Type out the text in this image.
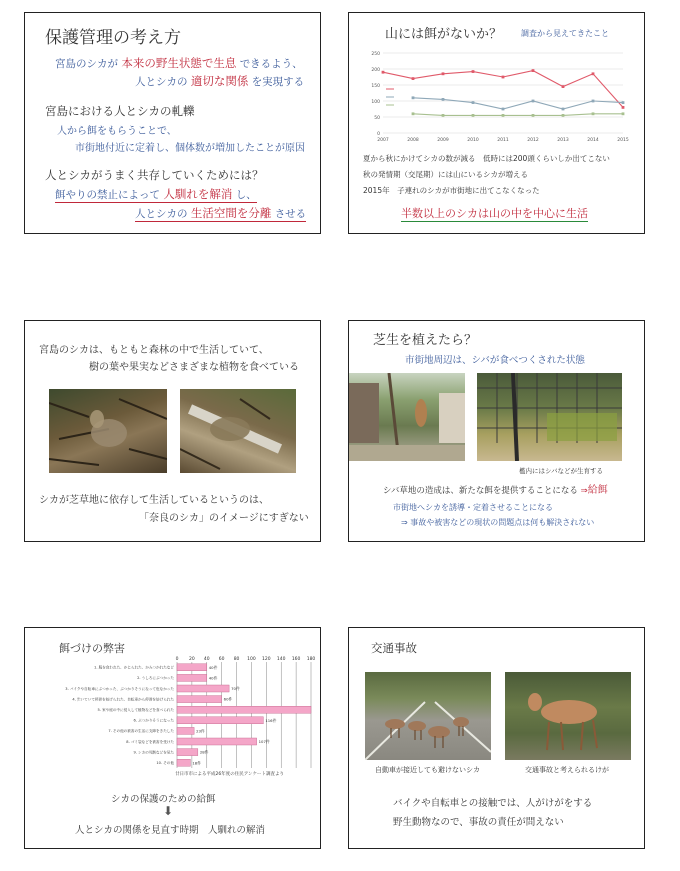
保護管理の考え方
宮島のシカが 本来の野生状態で生息 できるよう、
人とシカの 適切な関係 を実現する
宮島における人とシカの軋轢
人から餌をもらうことで、
市街地付近に定着し、個体数が増加したことが原因
人とシカがうまく共存していくためには？
餌やりの禁止によって 人馴れを解消 し、
人とシカの 生活空間を分離 させる
山には餌がないか？ 調査から見えてきたこと
0
50
100
150
200
250
2007	2008	2009	2010	2011	2012	2013	2014	2015
夏から秋にかけてシカの数が減る　低時には200頭くらいしか出てこない
秋の発情期（交尾期）には山にいるシカが増える
2015年　子連れのシカが市街地に出てこなくなった
半数以上のシカは山の中を中心に生活
宮島のシカは、もともと森林の中で生活していて、
樹の葉や果実などさまざまな植物を食べている
シカが芝草地に依存して生活しているというのは、
「奈良のシカ」のイメージにすぎない
芝生を植えたら？
市街地周辺は、シバが食べつくされた状態
檻内にはシバなどが生育する
シバ草地の造成は、新たな餌を提供することになる ⇒給餌
市街地へシカを誘導・定着させることになる
⇒ 事故や被害などの現状の問題点は何も解決されない
餌づけの弊害
0 20 40 60 80 100 120 140 160 180
1. 服を食われた、かじられた、かみつかれたなど	40件
2. うしろにぶつかった	40件
3. バイクや自転車にぶつかった、ぶつかりそうになって危なかった	70件
4. 歩いていて停滞を妨げられた、自転車から停滞を妨げられた	60件
5. 家や庭の中に侵入して植物などを食べられた
6. ぶつかりそうになった	116件
7. その他の被害の生活に支障をきたした	23件
8. ゴミ袋などを被害を受けた	107件
9. シカの死骸などを見た	28件
10. その他	18件
廿日市市による平成26年度の住民アンケート調査より
シカの保護のための給餌
⬇
人とシカの関係を見直す時期　人馴れの解消
交通事故
自動車が接近しても避けないシカ	交通事故と考えられるけが
バイクや自転車との接触では、人がけがをする
野生動物なので、事故の責任が問えない
